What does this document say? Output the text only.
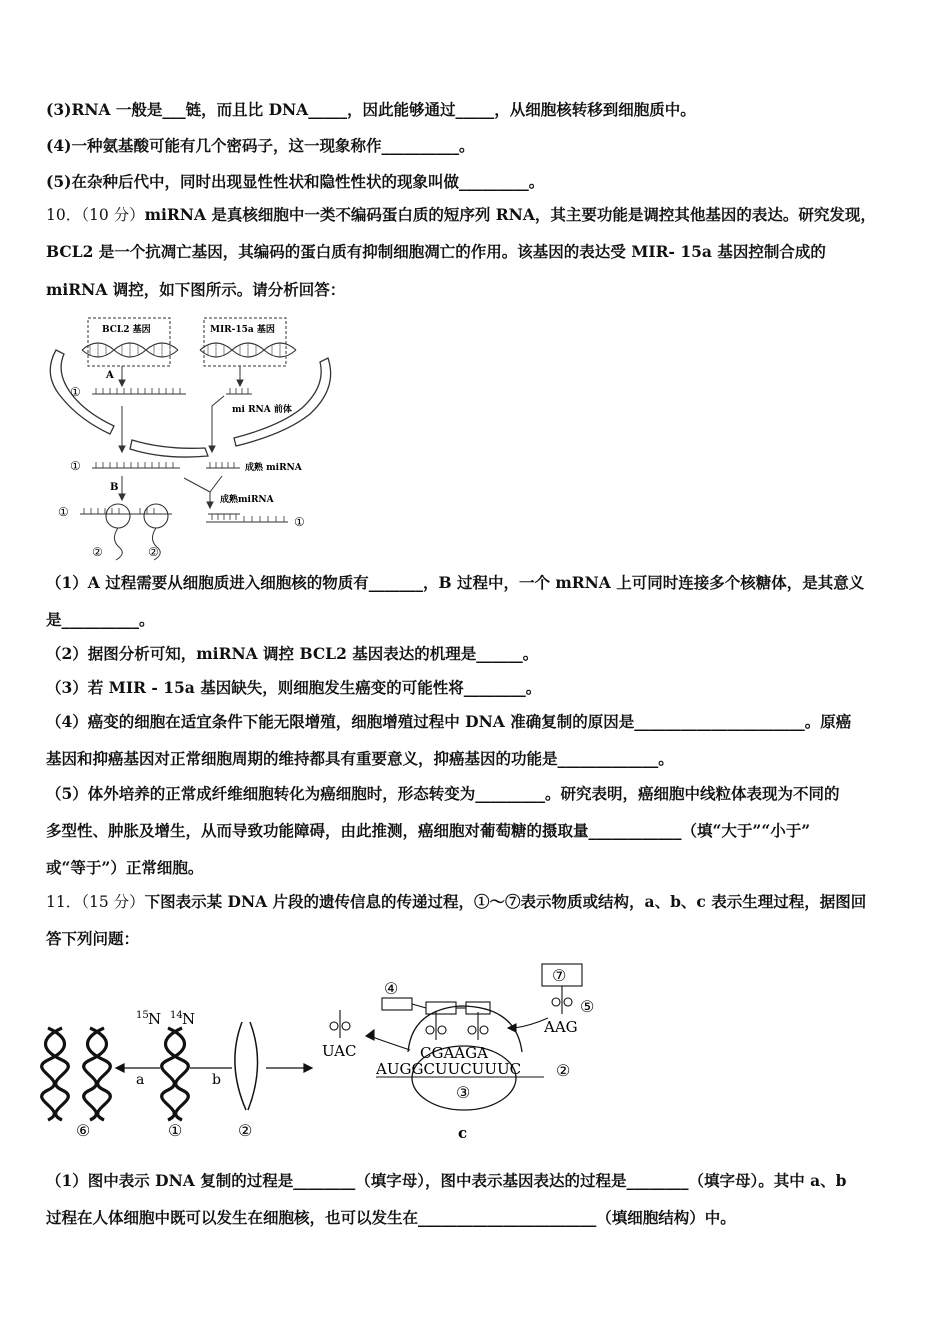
(3)RNA 一般是___链，而且比 DNA_____，因此能够通过_____，从细胞核转移到细胞质中。
(4)一种氨基酸可能有几个密码子，这一现象称作__________。
(5)在杂种后代中，同时出现显性性状和隐性性状的现象叫做_________。
10．（10 分）miRNA 是真核细胞中一类不编码蛋白质的短序列 RNA，其主要功能是调控其他基因的表达。研究发现，
BCL2 是一个抗凋亡基因，其编码的蛋白质有抑制细胞凋亡的作用。该基因的表达受 MIR- 15a 基因控制合成的
miRNA 调控，如下图所示。请分析回答：
BCL2 基因	MIR-15a 基因
A
①
mi RNA 前体
①	成熟 miRNA
B
成熟miRNA
①
②	②
①
（1）A 过程需要从细胞质进入细胞核的物质有_______，B 过程中，一个 mRNA 上可同时连接多个核糖体，是其意义
是__________。
（2）据图分析可知，miRNA 调控 BCL2 基因表达的机理是______。
（3）若 MIR - 15a 基因缺失，则细胞发生癌变的可能性将________。
（4）癌变的细胞在适宜条件下能无限增殖，细胞增殖过程中 DNA 准确复制的原因是______________________。原癌
基因和抑癌基因对正常细胞周期的维持都具有重要意义，抑癌基因的功能是_____________。
（5）体外培养的正常成纤维细胞转化为癌细胞时，形态转变为_________。研究表明，癌细胞中线粒体表现为不同的
多型性、肿胀及增生，从而导致功能障碍，由此推测，癌细胞对葡萄糖的摄取量____________（填“大于”“小于”
或“等于”）正常细胞。
11．（15 分）下图表示某 DNA 片段的遗传信息的传递过程，①～⑦表示物质或结构，a、b、c 表示生理过程，据图回
答下列问题：
⑥
a
15 N 14 N
①
b
②
③
AUGGCUUCUUUC ②
CGAAGA
④
UAC
⑦
AAG
⑤
c
（1）图中表示 DNA 复制的过程是________（填字母），图中表示基因表达的过程是________（填字母）。其中 a、b
过程在人体细胞中既可以发生在细胞核，也可以发生在_______________________（填细胞结构）中。
